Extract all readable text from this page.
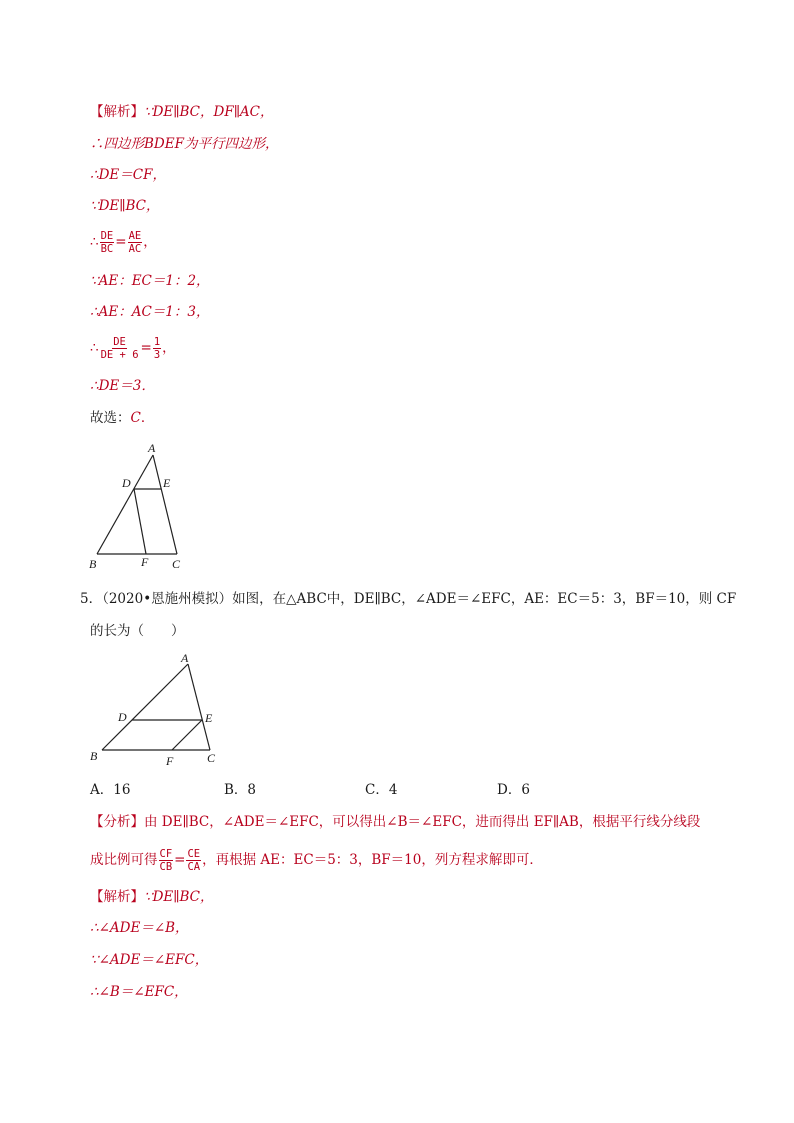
【解析】∵DE∥BC，DF∥AC，
∴四边形BDEF为平行四边形，
∴DE＝CF，
∵DE∥BC，
∴ $\frac{DE}{BC} = \frac{AE}{AC}$ ，
∵AE：EC＝1：2，
∴AE：AC＝1：3，
∴ $\frac{DE}{DE + 6} = \frac{1}{3}$ ，
∴DE＝3．
故选：C．
A
D	E
B	F C
5．（2020•恩施州模拟）如图，在△ABC中，DE∥BC，∠ADE＝∠EFC，AE：EC＝5：3，BF＝10，则 CF
的长为（　　）
A
D	E
B	F	C
A．16	B．8	C．4	D．6
【分析】由 DE∥BC，∠ADE＝∠EFC，可以得出∠B＝∠EFC，进而得出 EF∥AB，根据平行线分线段
成比例可得 $\frac{CF}{CB} = \frac{CE}{CA}$ ，再根据 AE：EC＝5：3，BF＝10，列方程求解即可．
【解析】∵DE∥BC，
∴∠ADE＝∠B，
∵∠ADE＝∠EFC，
∴∠B＝∠EFC，
